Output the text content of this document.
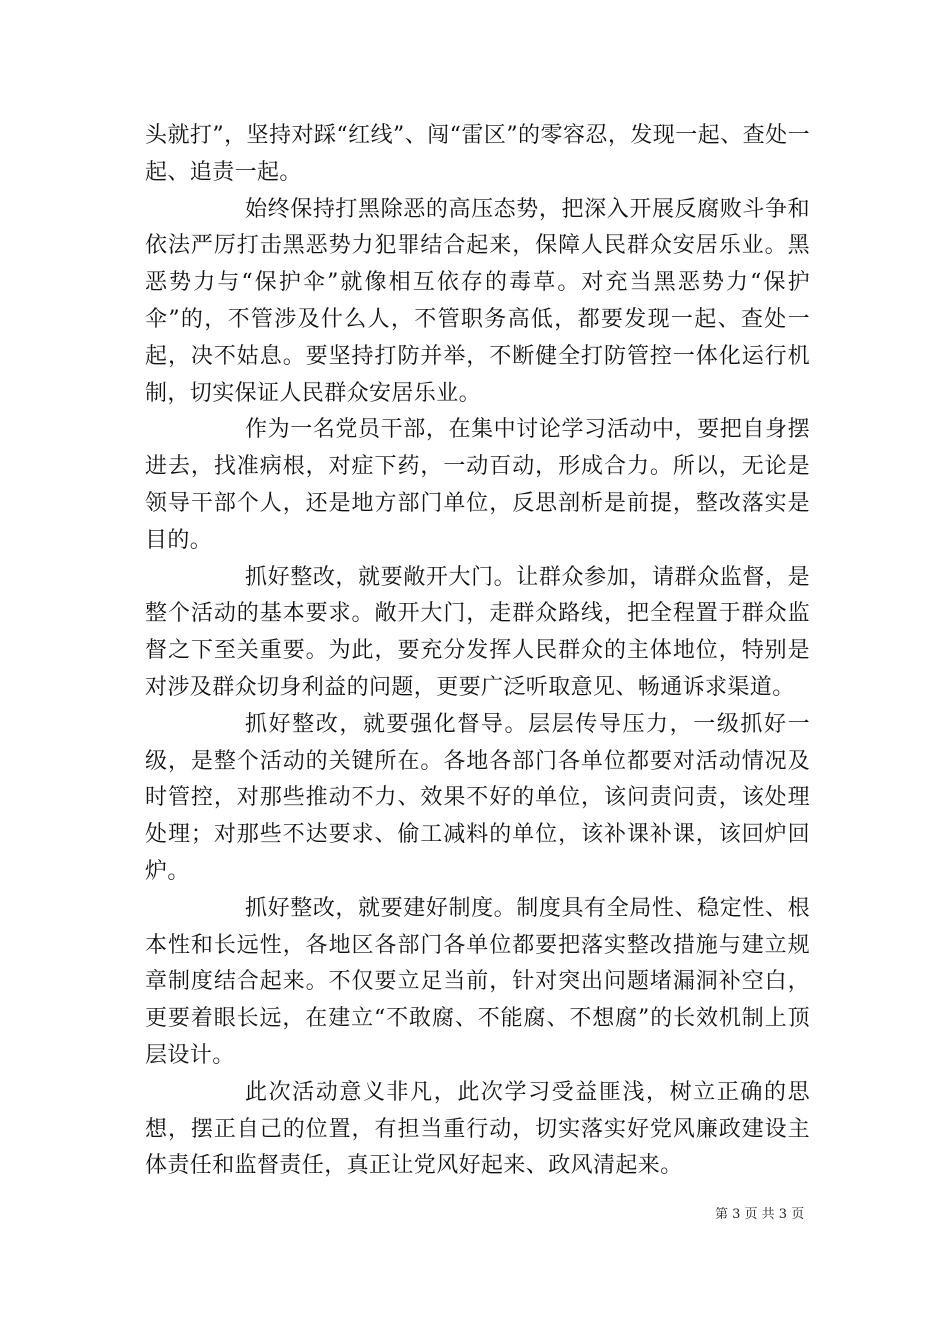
头就打”，坚持对踩“红线”、闯“雷区”的零容忍，发现一起、查处一起、追责一起。

始终保持打黑除恶的高压态势，把深入开展反腐败斗争和依法严厉打击黑恶势力犯罪结合起来，保障人民群众安居乐业。黑恶势力与“保护伞”就像相互依存的毒草。对充当黑恶势力“保护伞”的，不管涉及什么人，不管职务高低，都要发现一起、查处一起，决不姑息。要坚持打防并举，不断健全打防管控一体化运行机制，切实保证人民群众安居乐业。

作为一名党员干部，在集中讨论学习活动中，要把自身摆进去，找准病根，对症下药，一动百动，形成合力。所以，无论是领导干部个人，还是地方部门单位，反思剖析是前提，整改落实是目的。

抓好整改，就要敞开大门。让群众参加，请群众监督，是整个活动的基本要求。敞开大门，走群众路线，把全程置于群众监督之下至关重要。为此，要充分发挥人民群众的主体地位，特别是对涉及群众切身利益的问题，更要广泛听取意见、畅通诉求渠道。

抓好整改，就要强化督导。层层传导压力，一级抓好一级，是整个活动的关键所在。各地各部门各单位都要对活动情况及时管控，对那些推动不力、效果不好的单位，该问责问责，该处理处理；对那些不达要求、偷工减料的单位，该补课补课，该回炉回炉。

抓好整改，就要建好制度。制度具有全局性、稳定性、根本性和长远性，各地区各部门各单位都要把落实整改措施与建立规章制度结合起来。不仅要立足当前，针对突出问题堵漏洞补空白，更要着眼长远，在建立“不敢腐、不能腐、不想腐”的长效机制上顶层设计。

此次活动意义非凡，此次学习受益匪浅，树立正确的思想，摆正自己的位置，有担当重行动，切实落实好党风廉政建设主体责任和监督责任，真正让党风好起来、政风清起来。

第 3 页 共 3 页
